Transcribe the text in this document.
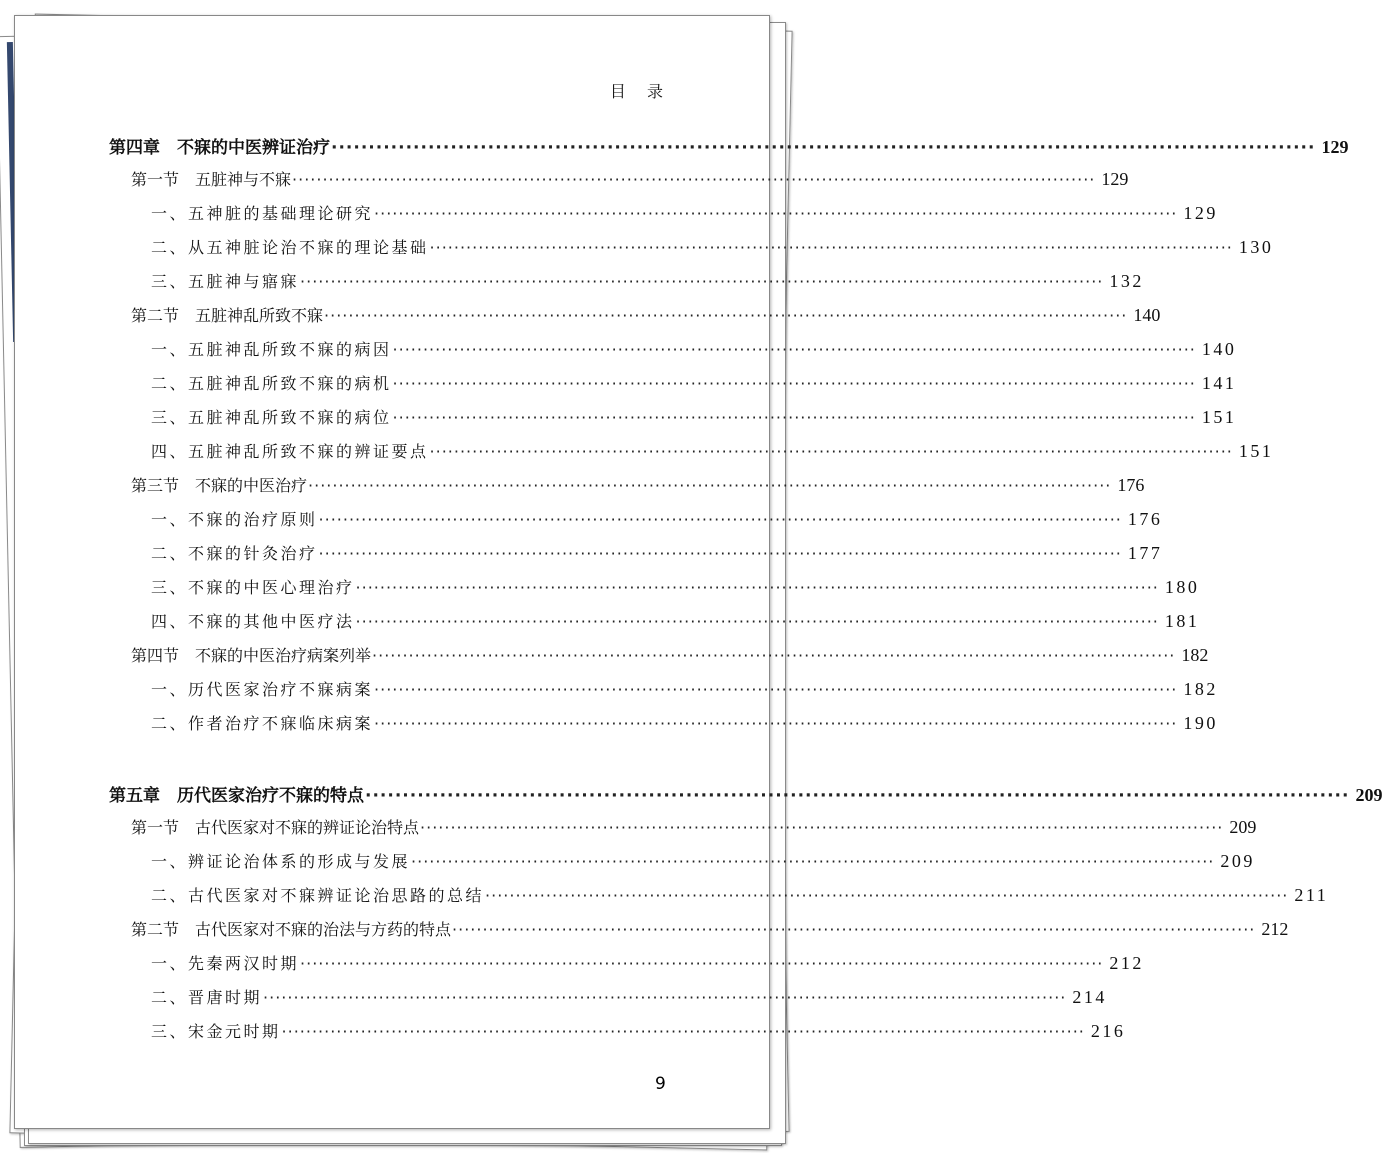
目 录
第四章　不寐的中医辨证治疗 ·····	129
第一节　五脏神与不寐 ·····	129
一、五神脏的基础理论研究 ·····	129
二、从五神脏论治不寐的理论基础 ·····	130
三、五脏神与寤寐 ·····	132
第二节　五脏神乱所致不寐 ·····	140
一、五脏神乱所致不寐的病因 ·····	140
二、五脏神乱所致不寐的病机 ·····	141
三、五脏神乱所致不寐的病位 ·····	151
四、五脏神乱所致不寐的辨证要点 ·····	151
第三节　不寐的中医治疗 ·····	176
一、不寐的治疗原则 ·····	176
二、不寐的针灸治疗 ·····	177
三、不寐的中医心理治疗 ·····	180
四、不寐的其他中医疗法 ·····	181
第四节　不寐的中医治疗病案列举 ·····	182
一、历代医家治疗不寐病案 ·····	182
二、作者治疗不寐临床病案 ·····	190
第五章　历代医家治疗不寐的特点 ·····	209
第一节　古代医家对不寐的辨证论治特点 ·····	209
一、辨证论治体系的形成与发展 ·····	209
二、古代医家对不寐辨证论治思路的总结 ·····	211
第二节　古代医家对不寐的治法与方药的特点 ·····	212
一、先秦两汉时期 ·····	212
二、晋唐时期 ·····	214
三、宋金元时期 ·····	216
9
